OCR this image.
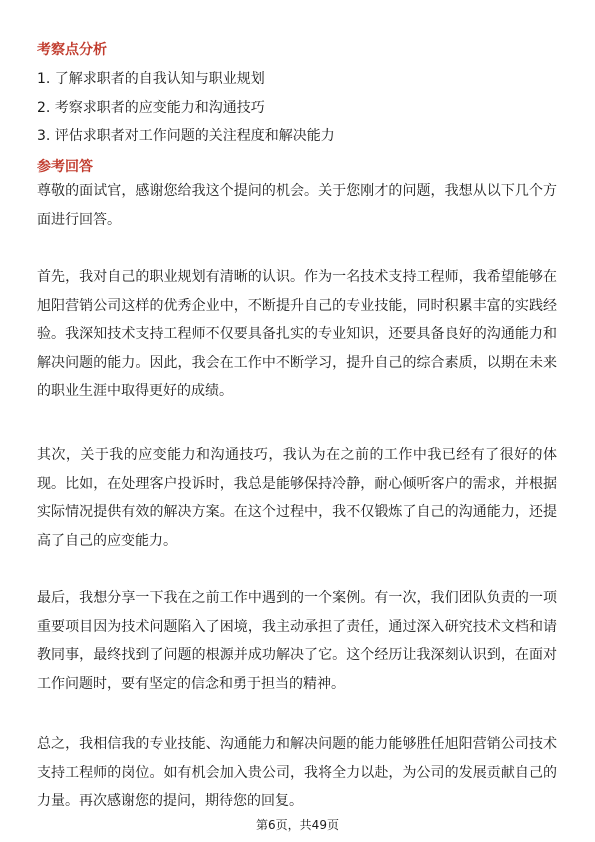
考察点分析
1. 了解求职者的自我认知与职业规划
2. 考察求职者的应变能力和沟通技巧
3. 评估求职者对工作问题的关注程度和解决能力
参考回答

尊敬的面试官，感谢您给我这个提问的机会。关于您刚才的问题，我想从以下几个方面进行回答。

首先，我对自己的职业规划有清晰的认识。作为一名技术支持工程师，我希望能够在旭阳营销公司这样的优秀企业中，不断提升自己的专业技能，同时积累丰富的实践经验。我深知技术支持工程师不仅要具备扎实的专业知识，还要具备良好的沟通能力和解决问题的能力。因此，我会在工作中不断学习，提升自己的综合素质，以期在未来的职业生涯中取得更好的成绩。

其次，关于我的应变能力和沟通技巧，我认为在之前的工作中我已经有了很好的体现。比如，在处理客户投诉时，我总是能够保持冷静，耐心倾听客户的需求，并根据实际情况提供有效的解决方案。在这个过程中，我不仅锻炼了自己的沟通能力，还提高了自己的应变能力。

最后，我想分享一下我在之前工作中遇到的一个案例。有一次，我们团队负责的一项重要项目因为技术问题陷入了困境，我主动承担了责任，通过深入研究技术文档和请教同事，最终找到了问题的根源并成功解决了它。这个经历让我深刻认识到，在面对工作问题时，要有坚定的信念和勇于担当的精神。

总之，我相信我的专业技能、沟通能力和解决问题的能力能够胜任旭阳营销公司技术支持工程师的岗位。如有机会加入贵公司，我将全力以赴，为公司的发展贡献自己的力量。再次感谢您的提问，期待您的回复。

第6页，共49页
